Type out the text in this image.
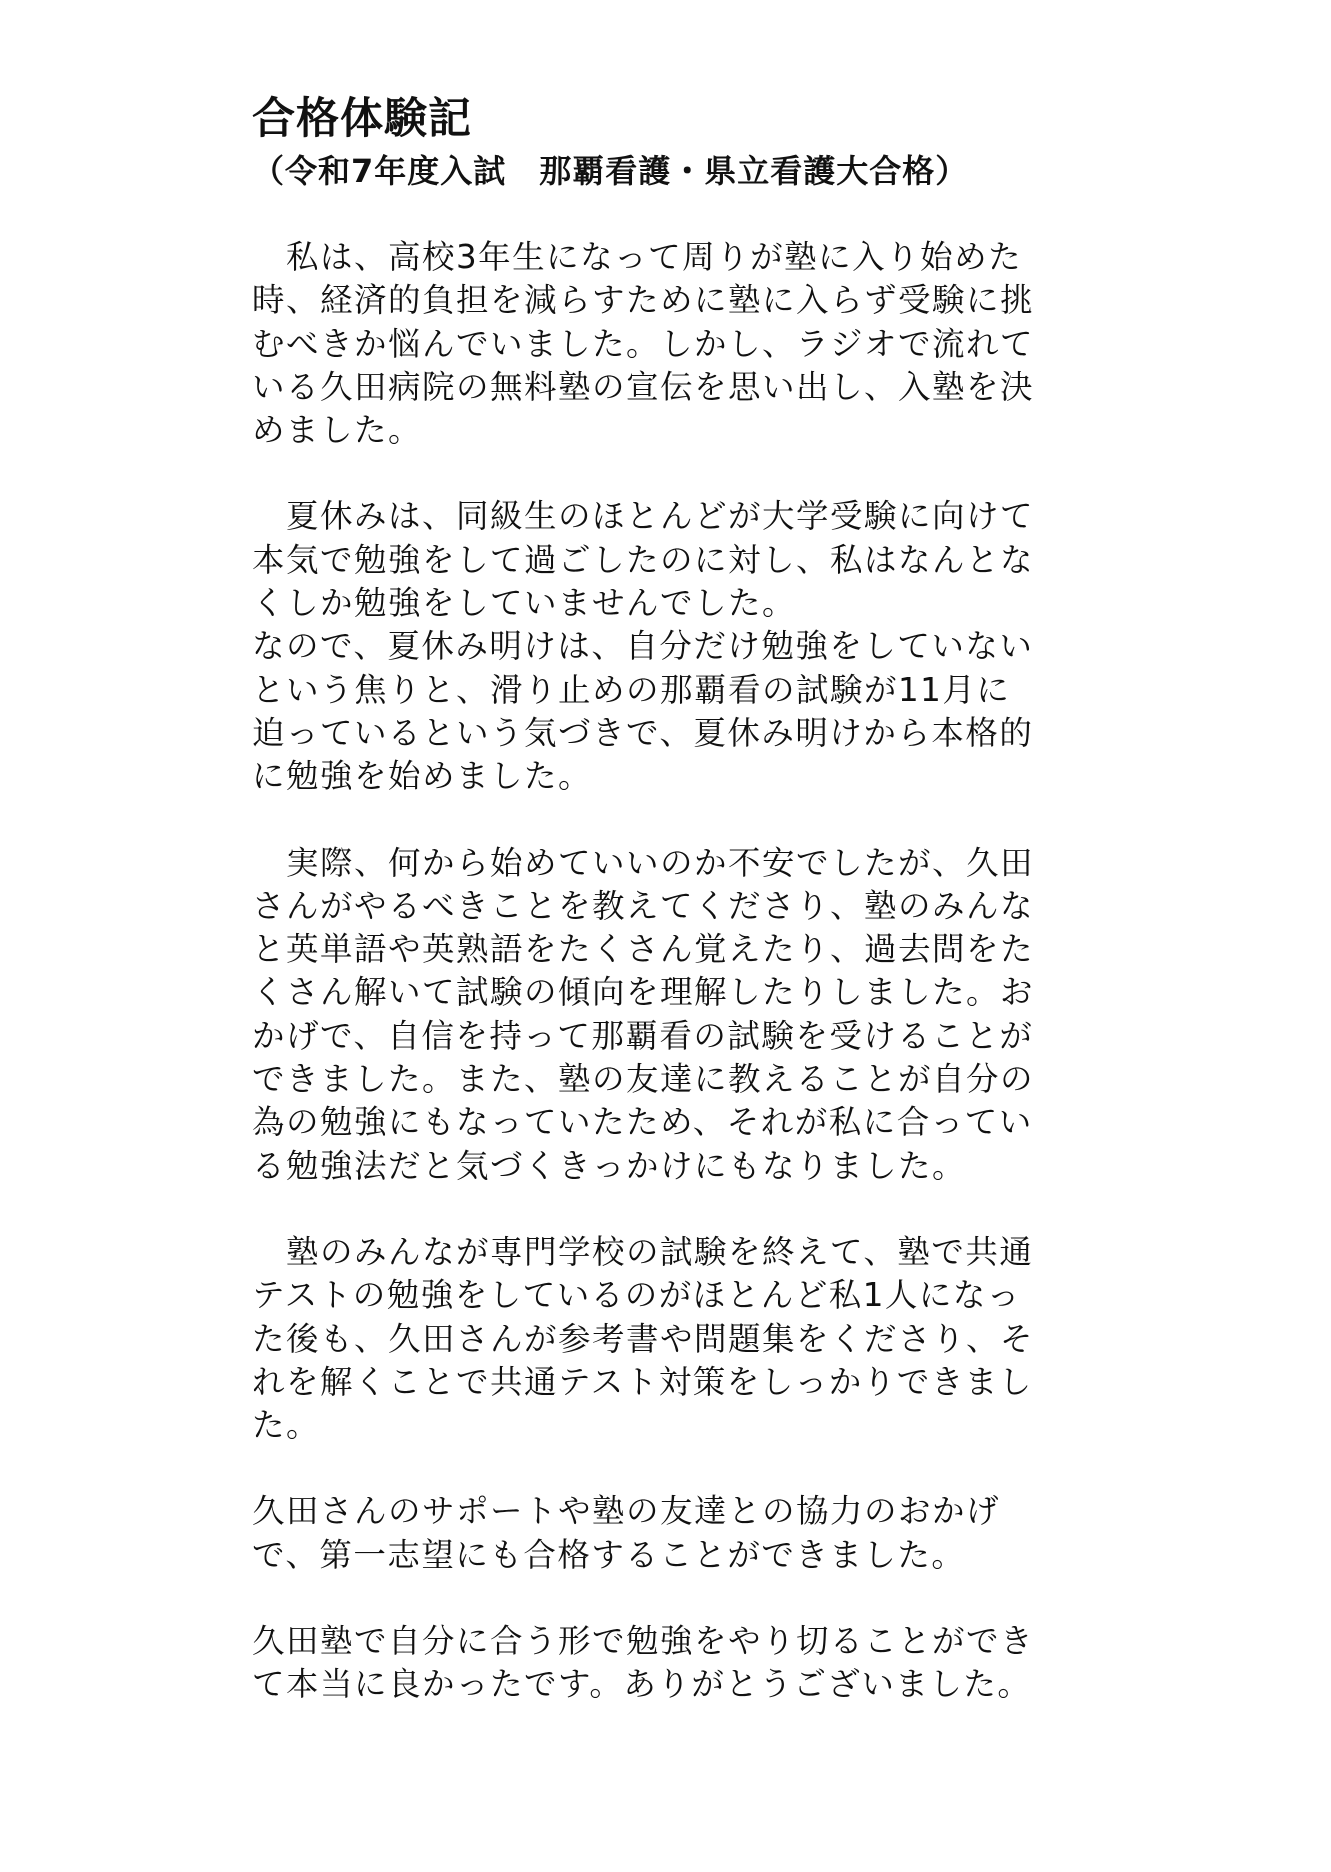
合格体験記
（令和7年度入試　那覇看護・県立看護大合格）

　私は、高校3年生になって周りが塾に入り始めた
時、経済的負担を減らすために塾に入らず受験に挑
むべきか悩んでいました。しかし、ラジオで流れて
いる久田病院の無料塾の宣伝を思い出し、入塾を決
めました。

　夏休みは、同級生のほとんどが大学受験に向けて
本気で勉強をして過ごしたのに対し、私はなんとな
くしか勉強をしていませんでした。
なので、夏休み明けは、自分だけ勉強をしていない
という焦りと、滑り止めの那覇看の試験が11月に
迫っているという気づきで、夏休み明けから本格的
に勉強を始めました。

　実際、何から始めていいのか不安でしたが、久田
さんがやるべきことを教えてくださり、塾のみんな
と英単語や英熟語をたくさん覚えたり、過去問をた
くさん解いて試験の傾向を理解したりしました。お
かげで、自信を持って那覇看の試験を受けることが
できました。また、塾の友達に教えることが自分の
為の勉強にもなっていたため、それが私に合ってい
る勉強法だと気づくきっかけにもなりました。

　塾のみんなが専門学校の試験を終えて、塾で共通
テストの勉強をしているのがほとんど私1人になっ
た後も、久田さんが参考書や問題集をくださり、そ
れを解くことで共通テスト対策をしっかりできまし
た。

久田さんのサポートや塾の友達との協力のおかげ
で、第一志望にも合格することができました。

久田塾で自分に合う形で勉強をやり切ることができ
て本当に良かったです。ありがとうございました。
